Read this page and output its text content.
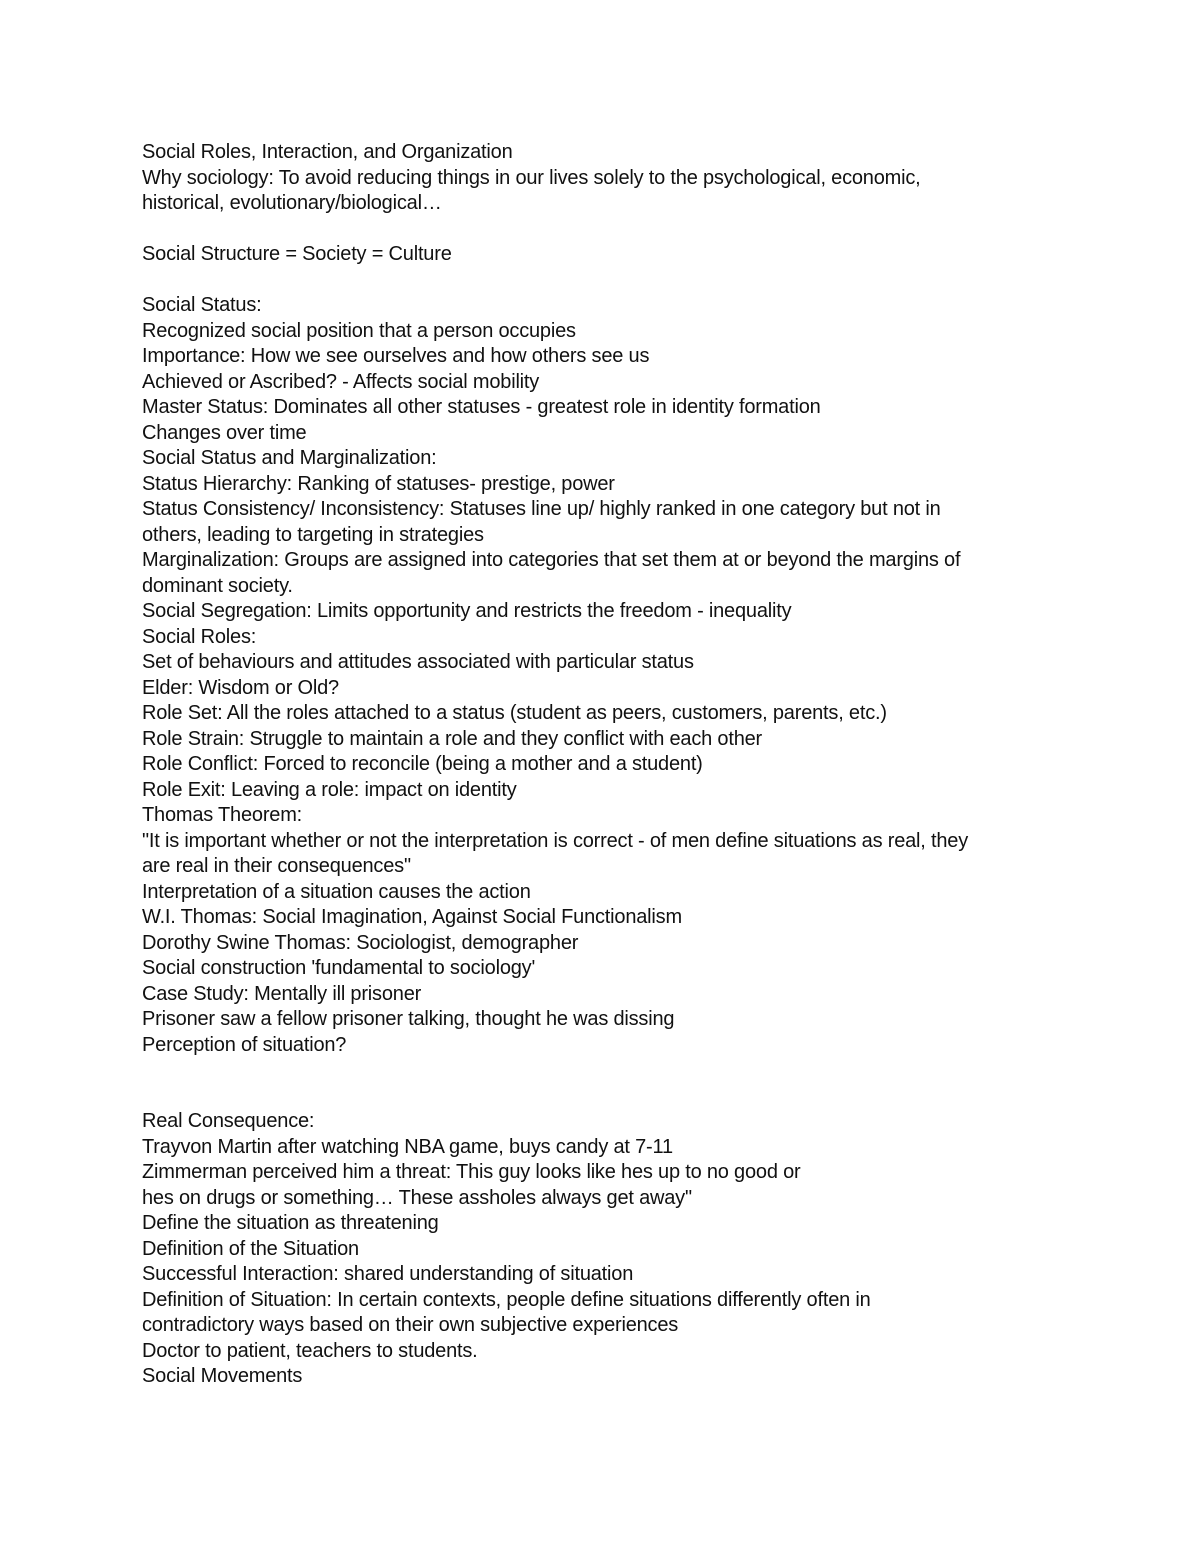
Social Roles, Interaction, and Organization
Why sociology: To avoid reducing things in our lives solely to the psychological, economic,
historical, evolutionary/biological…
Social Structure = Society = Culture
Social Status:
Recognized social position that a person occupies
Importance: How we see ourselves and how others see us
Achieved or Ascribed? - Affects social mobility
Master Status: Dominates all other statuses - greatest role in identity formation
Changes over time
Social Status and Marginalization:
Status Hierarchy: Ranking of statuses- prestige, power
Status Consistency/ Inconsistency: Statuses line up/ highly ranked in one category but not in
others, leading to targeting in strategies
Marginalization: Groups are assigned into categories that set them at or beyond the margins of
dominant society.
Social Segregation: Limits opportunity and restricts the freedom - inequality
Social Roles:
Set of behaviours and attitudes associated with particular status
Elder: Wisdom or Old?
Role Set: All the roles attached to a status (student as peers, customers, parents, etc.)
Role Strain: Struggle to maintain a role and they conflict with each other
Role Conflict: Forced to reconcile (being a mother and a student)
Role Exit: Leaving a role: impact on identity
Thomas Theorem:
"It is important whether or not the interpretation is correct - of men define situations as real, they
are real in their consequences"
Interpretation of a situation causes the action
W.I. Thomas: Social Imagination, Against Social Functionalism
Dorothy Swine Thomas: Sociologist, demographer
Social construction 'fundamental to sociology'
Case Study: Mentally ill prisoner
Prisoner saw a fellow prisoner talking, thought he was dissing
Perception of situation?
Real Consequence:
Trayvon Martin after watching NBA game, buys candy at 7-11
Zimmerman perceived him a threat: This guy looks like hes up to no good or
hes on drugs or something… These assholes always get away"
Define the situation as threatening
Definition of the Situation
Successful Interaction: shared understanding of situation
Definition of Situation: In certain contexts, people define situations differently often in
contradictory ways based on their own subjective experiences
Doctor to patient, teachers to students.
Social Movements
